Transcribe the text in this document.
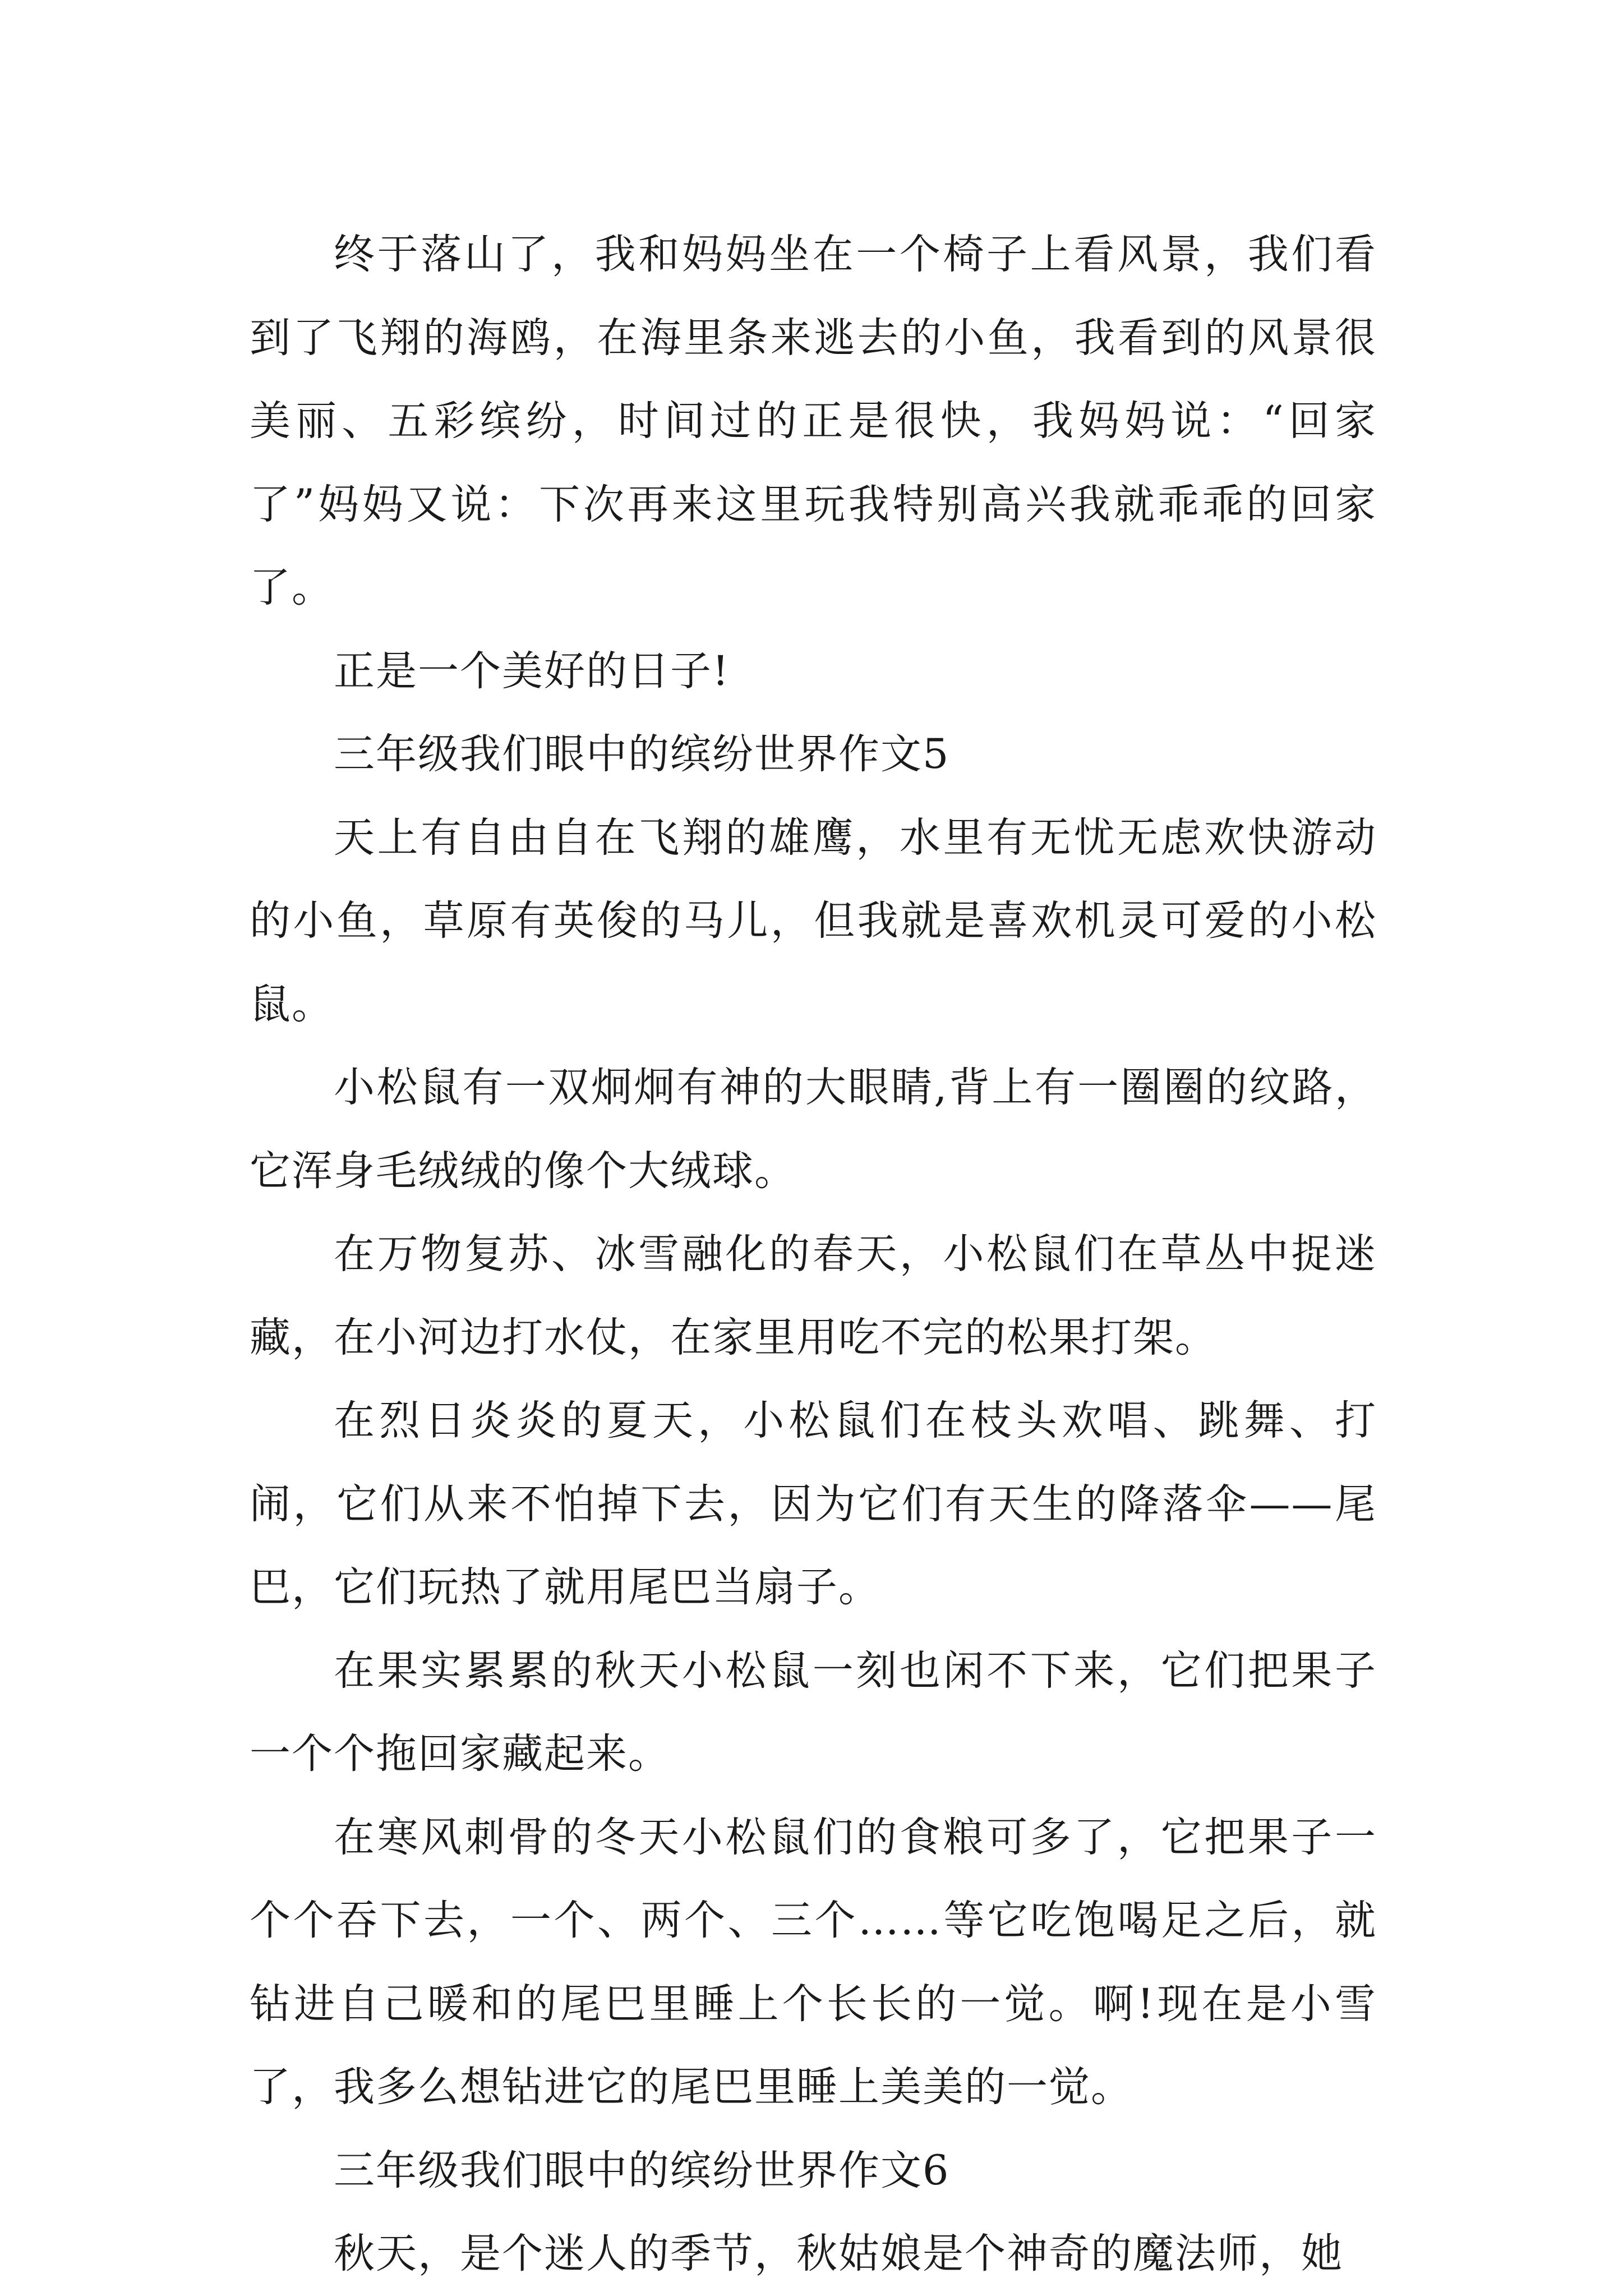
终于落山了，我和妈妈坐在一个椅子上看风景，我们看到了飞翔的海鸥，在海里条来逃去的小鱼，我看到的风景很美丽、五彩缤纷，时间过的正是很快，我妈妈说：“回家了”妈妈又说：下次再来这里玩我特别高兴我就乖乖的回家了。

正是一个美好的日子!

三年级我们眼中的缤纷世界作文5

天上有自由自在飞翔的雄鹰，水里有无忧无虑欢快游动的小鱼，草原有英俊的马儿，但我就是喜欢机灵可爱的小松鼠。

小松鼠有一双炯炯有神的大眼睛,背上有一圈圈的纹路，它浑身毛绒绒的像个大绒球。

在万物复苏、冰雪融化的春天，小松鼠们在草丛中捉迷藏，在小河边打水仗，在家里用吃不完的松果打架。

在烈日炎炎的夏天，小松鼠们在枝头欢唱、跳舞、打闹，它们从来不怕掉下去，因为它们有天生的降落伞——尾巴，它们玩热了就用尾巴当扇子。

在果实累累的秋天小松鼠一刻也闲不下来，它们把果子一个个拖回家藏起来。

在寒风刺骨的冬天小松鼠们的食粮可多了，它把果子一个个吞下去，一个、两个、三个……等它吃饱喝足之后，就钻进自己暖和的尾巴里睡上个长长的一觉。啊!现在是小雪了，我多么想钻进它的尾巴里睡上美美的一觉。

三年级我们眼中的缤纷世界作文6

秋天，是个迷人的季节，秋姑娘是个神奇的魔法师，她
